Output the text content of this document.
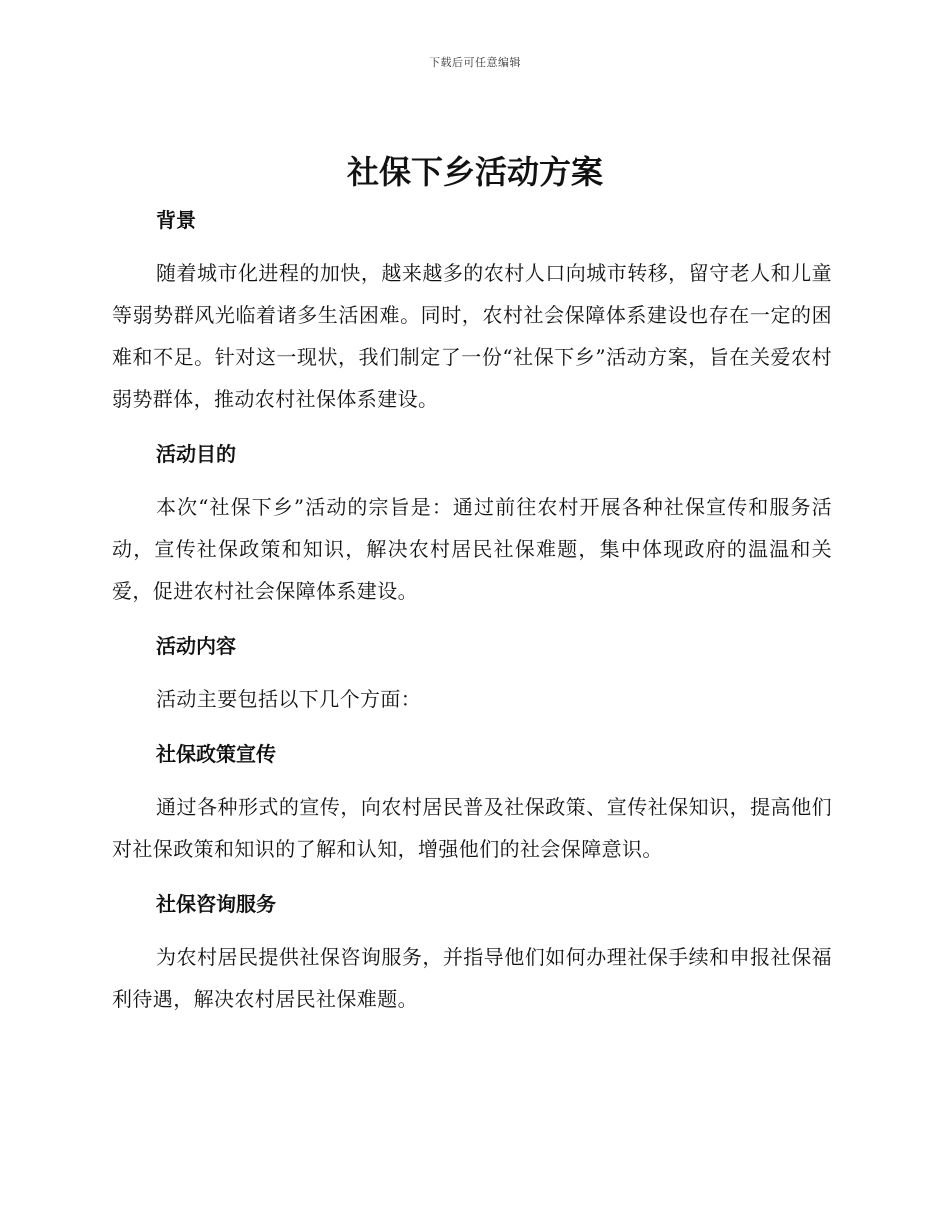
下载后可任意编辑
社保下乡活动方案
背景

随着城市化进程的加快，越来越多的农村人口向城市转移，留守老人和儿童等弱势群风光临着诸多生活困难。同时，农村社会保障体系建设也存在一定的困难和不足。针对这一现状，我们制定了一份“社保下乡”活动方案，旨在关爱农村弱势群体，推动农村社保体系建设。

活动目的

本次“社保下乡”活动的宗旨是：通过前往农村开展各种社保宣传和服务活动，宣传社保政策和知识，解决农村居民社保难题，集中体现政府的温温和关爱，促进农村社会保障体系建设。

活动内容

活动主要包括以下几个方面：

社保政策宣传

通过各种形式的宣传，向农村居民普及社保政策、宣传社保知识，提高他们对社保政策和知识的了解和认知，增强他们的社会保障意识。

社保咨询服务

为农村居民提供社保咨询服务，并指导他们如何办理社保手续和申报社保福利待遇，解决农村居民社保难题。
